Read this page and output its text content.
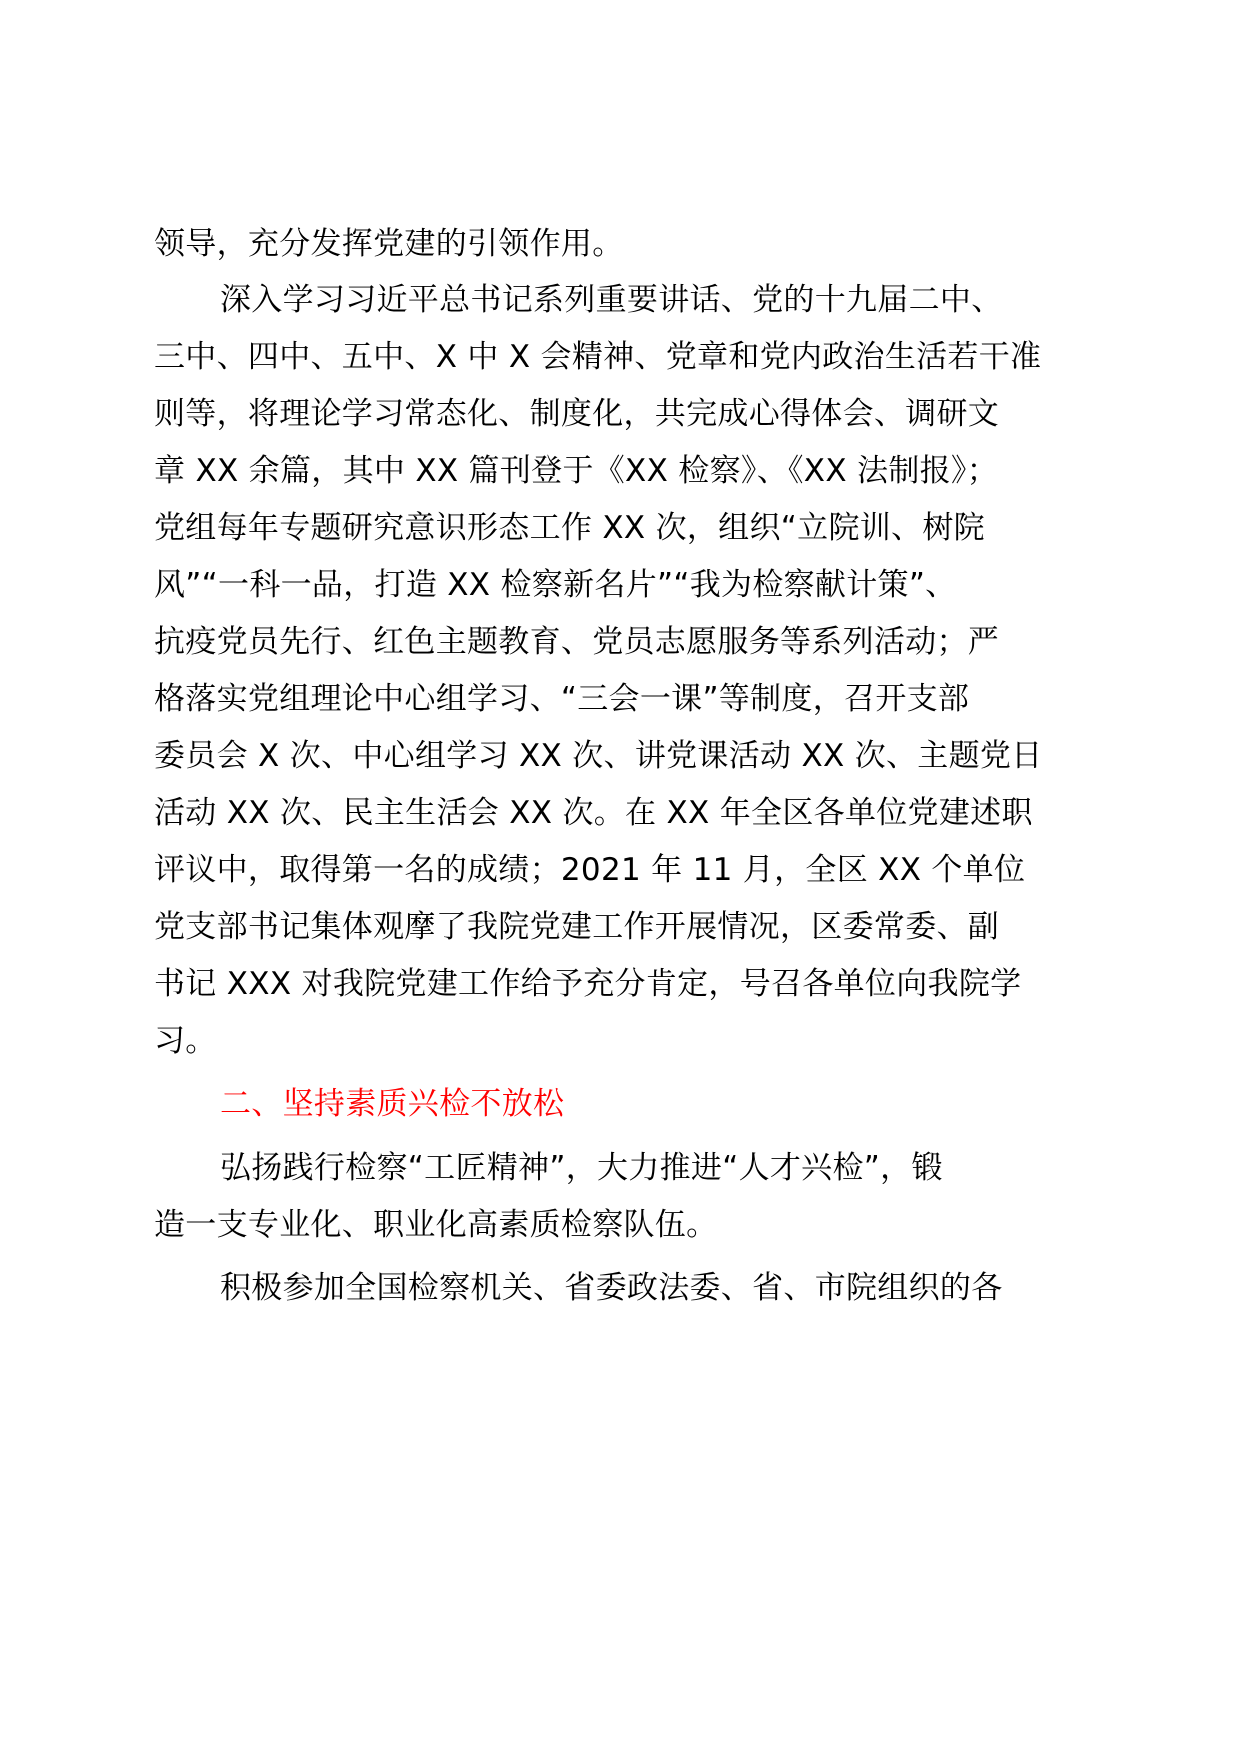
领导，充分发挥党建的引领作用。
深入学习习近平总书记系列重要讲话、党的十九届二中、
三中、四中、五中、X 中 X 会精神、党章和党内政治生活若干准
则等，将理论学习常态化、制度化，共完成心得体会、调研文
章 XX 余篇，其中 XX 篇刊登于《XX 检察》、《XX 法制报》；
党组每年专题研究意识形态工作 XX 次，组织“立院训、树院
风”“一科一品，打造 XX 检察新名片”“我为检察献计策”、
抗疫党员先行、红色主题教育、党员志愿服务等系列活动；严
格落实党组理论中心组学习、“三会一课”等制度，召开支部
委员会 X 次、中心组学习 XX 次、讲党课活动 XX 次、主题党日
活动 XX 次、民主生活会 XX 次。在 XX 年全区各单位党建述职
评议中，取得第一名的成绩；2021 年 11 月，全区 XX 个单位
党支部书记集体观摩了我院党建工作开展情况，区委常委、副
书记 XXX 对我院党建工作给予充分肯定，号召各单位向我院学
习。
二、坚持素质兴检不放松
弘扬践行检察“工匠精神”，大力推进“人才兴检”，锻
造一支专业化、职业化高素质检察队伍。
积极参加全国检察机关、省委政法委、省、市院组织的各
